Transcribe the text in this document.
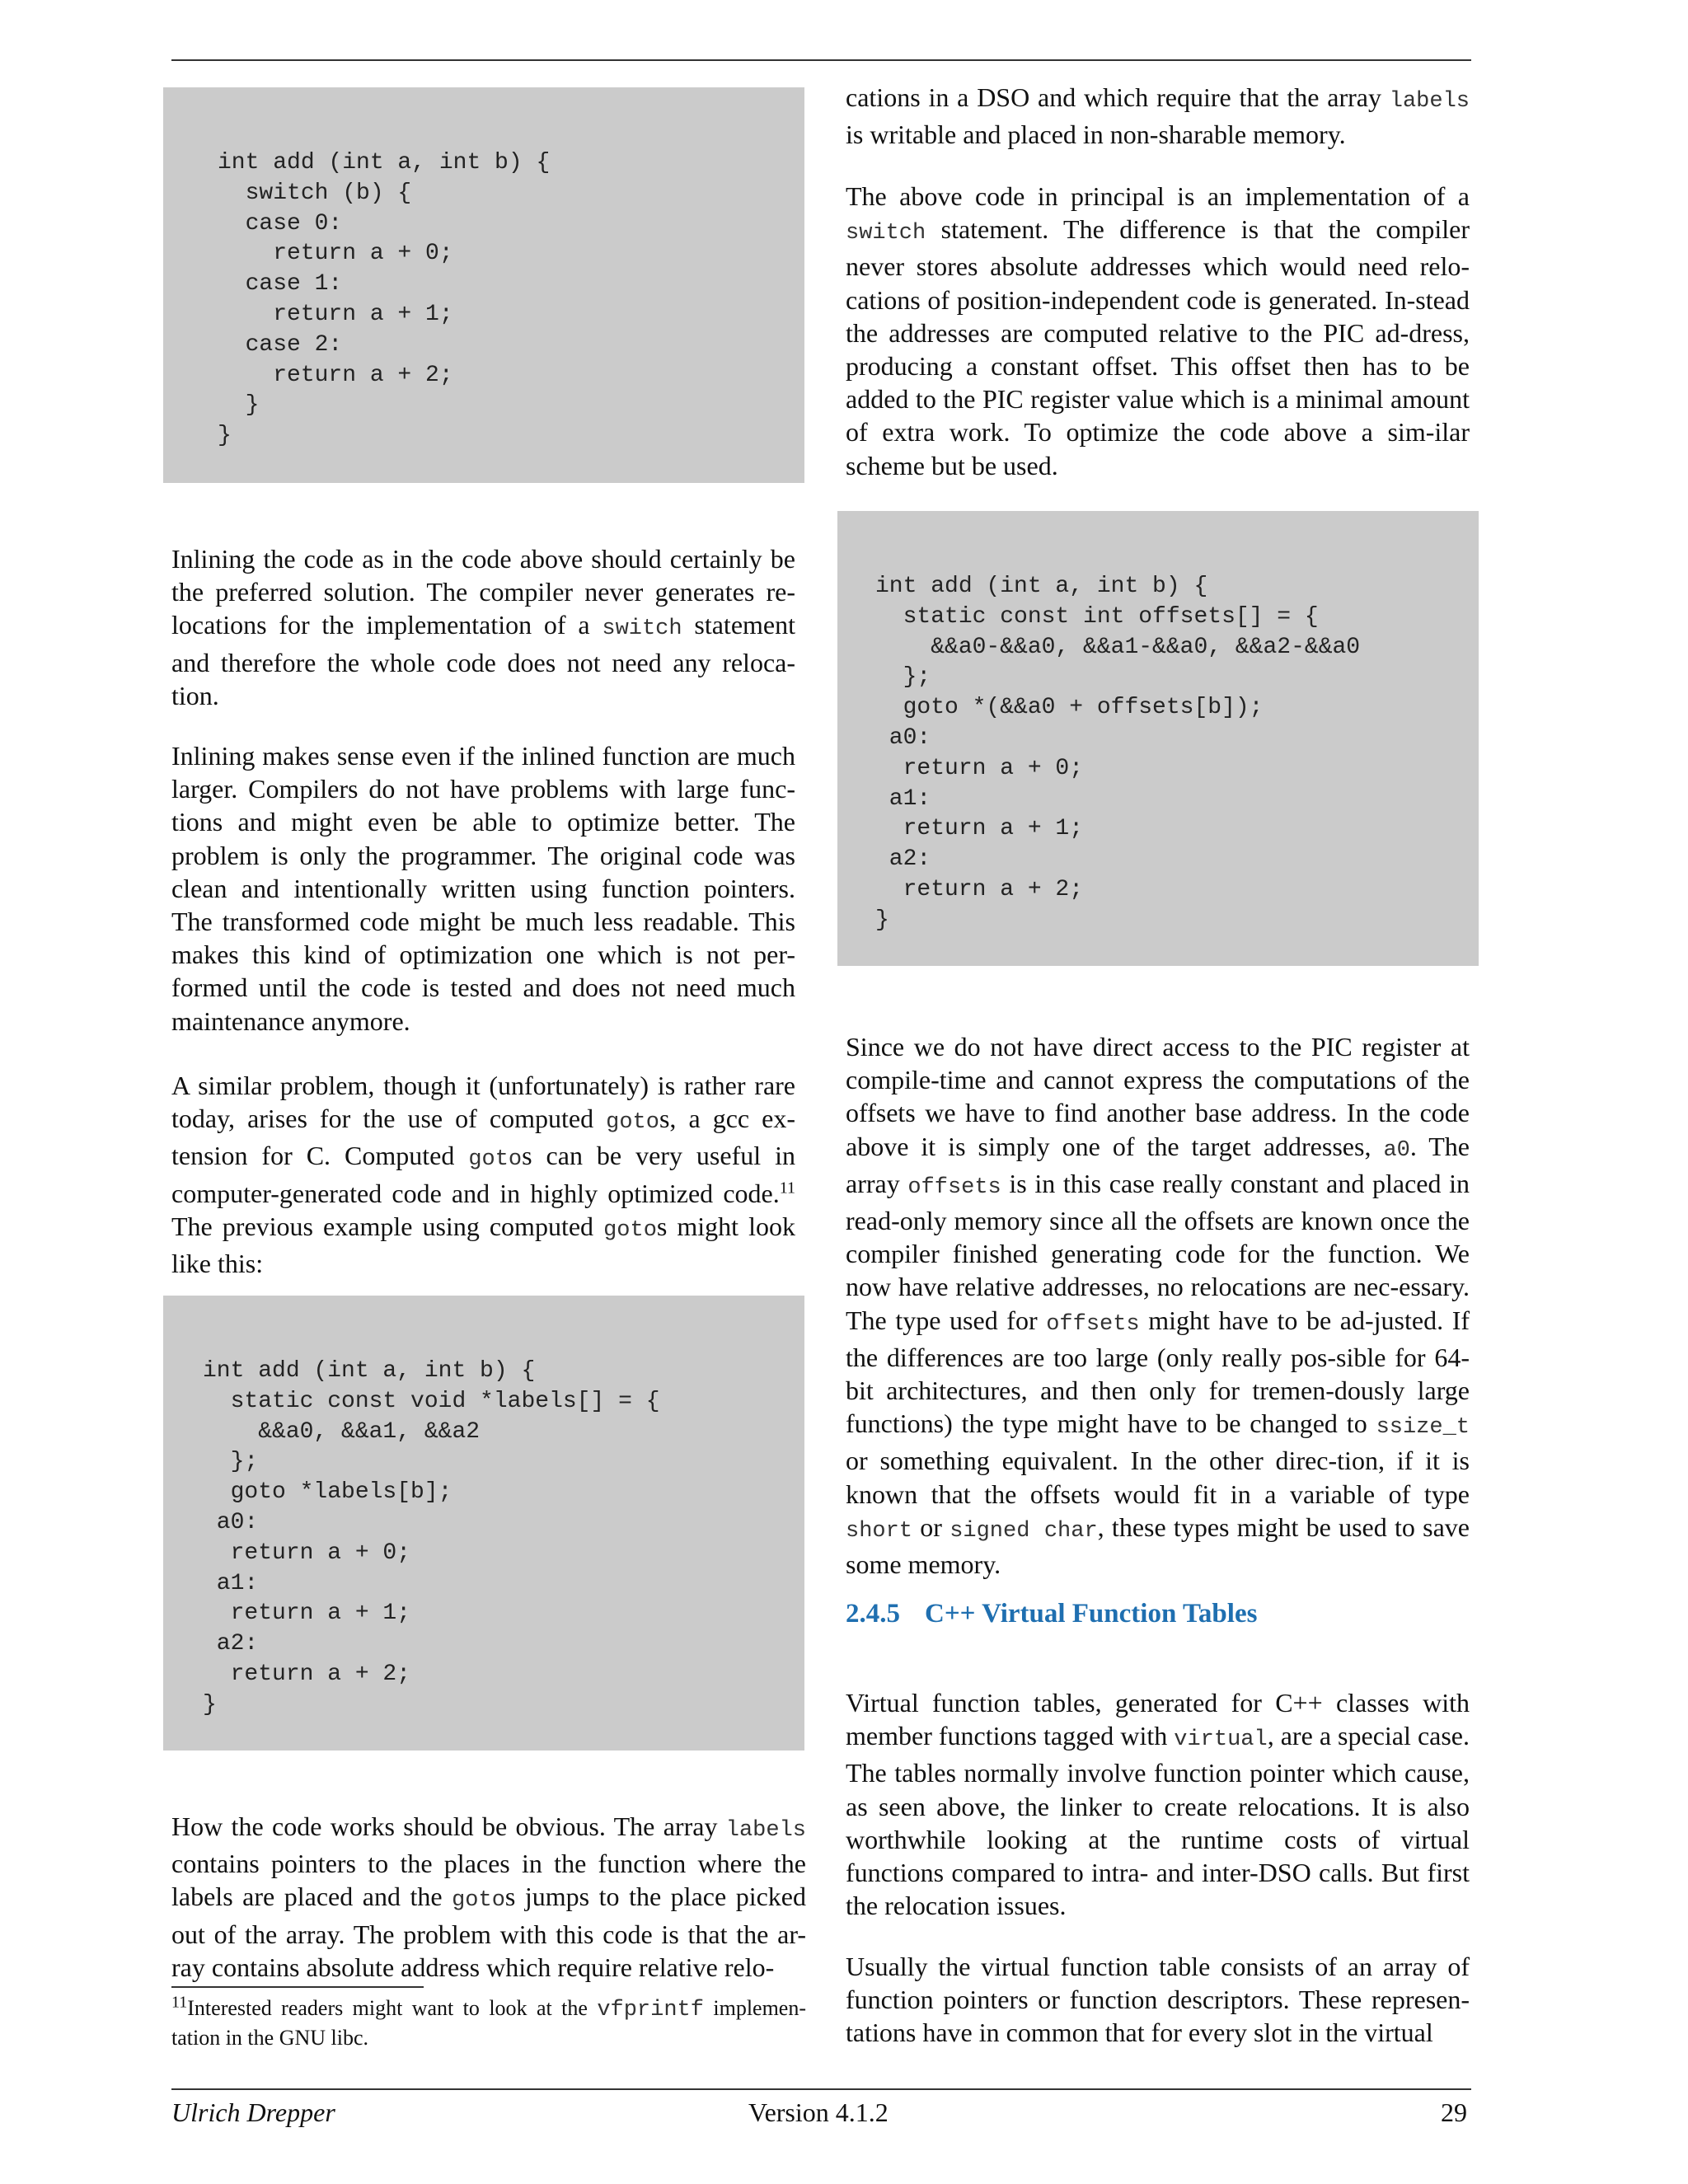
int add (int a, int b) {
switch (b) {
case 0:
return a + 0;
case 1:
return a + 1;
case 2:
return a + 2;
}
}

Inlining the code as in the code above should certainly be the preferred solution. The compiler never generates re-locations for the implementation of a switch statement and therefore the whole code does not need any reloca-tion.

Inlining makes sense even if the inlined function are much larger. Compilers do not have problems with large func-tions and might even be able to optimize better. The problem is only the programmer. The original code was clean and intentionally written using function pointers. The transformed code might be much less readable. This makes this kind of optimization one which is not per-formed until the code is tested and does not need much maintenance anymore.

A similar problem, though it (unfortunately) is rather rare today, arises for the use of computed gotos, a gcc ex-tension for C. Computed gotos can be very useful in computer-generated code and in highly optimized code.$^{11}$ The previous example using computed gotos might look like this:

int add (int a, int b) {
static const void *labels[] = {
&&a0, &&a1, &&a2
};
goto *labels[b];
a0:
return a + 0;
a1:
return a + 1;
a2:
return a + 2;
}

How the code works should be obvious. The array labels contains pointers to the places in the function where the labels are placed and the gotos jumps to the place picked out of the array. The problem with this code is that the ar-ray contains absolute address which require relative relo-

$^{11}$Interested readers might want to look at the vfprintf implemen-tation in the GNU libc.

cations in a DSO and which require that the array labels is writable and placed in non-sharable memory.

The above code in principal is an implementation of a switch statement. The difference is that the compiler never stores absolute addresses which would need relo-cations of position-independent code is generated. In-stead the addresses are computed relative to the PIC ad-dress, producing a constant offset. This offset then has to be added to the PIC register value which is a minimal amount of extra work. To optimize the code above a sim-ilar scheme but be used.

int add (int a, int b) {
static const int offsets[] = {
&&a0-&&a0, &&a1-&&a0, &&a2-&&a0
};
goto *(&&a0 + offsets[b]);
a0:
return a + 0;
a1:
return a + 1;
a2:
return a + 2;
}

Since we do not have direct access to the PIC register at compile-time and cannot express the computations of the offsets we have to find another base address. In the code above it is simply one of the target addresses, a0. The array offsets is in this case really constant and placed in read-only memory since all the offsets are known once the compiler finished generating code for the function. We now have relative addresses, no relocations are nec-essary. The type used for offsets might have to be ad-justed. If the differences are too large (only really pos-sible for 64-bit architectures, and then only for tremen-dously large functions) the type might have to be changed to ssize_t or something equivalent. In the other direc-tion, if it is known that the offsets would fit in a variable of type short or signed char, these types might be used to save some memory.

2.4.5 C++ Virtual Function Tables

Virtual function tables, generated for C++ classes with member functions tagged with virtual, are a special case. The tables normally involve function pointer which cause, as seen above, the linker to create relocations. It is also worthwhile looking at the runtime costs of virtual functions compared to intra- and inter-DSO calls. But first the relocation issues.

Usually the virtual function table consists of an array of function pointers or function descriptors. These represen-tations have in common that for every slot in the virtual

Ulrich Drepper	Version 4.1.2	29
